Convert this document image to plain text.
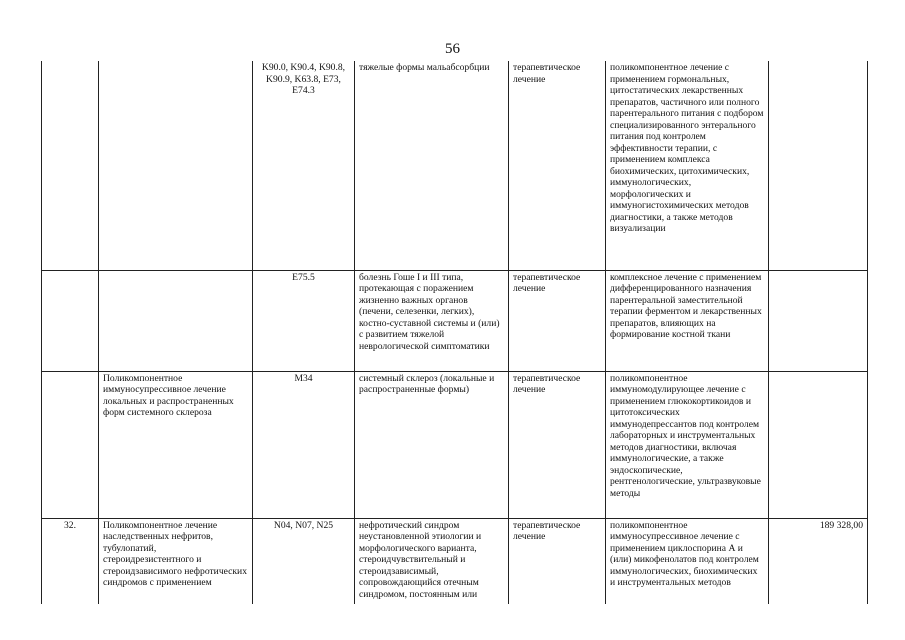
56
		K90.0, K90.4, K90.8, K90.9, K63.8, E73, E74.3	тяжелые формы мальабсорбции	терапевтическое лечение	поликомпонентное лечение с применением гормональных, цитостатических лекарственных препаратов, частичного или полного парентерального питания с подбором специализированного энтерального питания под контролем эффективности терапии, с применением комплекса биохимических, цитохимических, иммунологических, морфологических и иммуногистохимических методов диагностики, а также методов визуализации	
		E75.5	болезнь Гоше I и III типа, протекающая с поражением жизненно важных органов (печени, селезенки, легких), костно-суставной системы и (или) с развитием тяжелой неврологической симптоматики	терапевтическое лечение	комплексное лечение с применением дифференцированного назначения парентеральной заместительной терапии ферментом и лекарственных препаратов, влияющих на формирование костной ткани	
	Поликомпонентное иммуносупрессивное лечение локальных и распространенных форм системного склероза	M34	системный склероз (локальные и распространенные формы)	терапевтическое лечение	поликомпонентное иммуномодулирующее лечение с применением глюкокортикоидов и цитотоксических иммунодепрессантов под контролем лабораторных и инструментальных методов диагностики, включая иммунологические, а также эндоскопические, рентгенологические, ультразвуковые методы	
32.	Поликомпонентное лечение наследственных нефритов, тубулопатий, стероидрезистентного и стероидзависимого нефротических синдромов с применением	N04, N07, N25	нефротический синдром неустановленной этиологии и морфологического варианта, стероидчувствительный и стероидзависимый, сопровождающийся отечным синдромом, постоянным или	терапевтическое лечение	поликомпонентное иммуносупрессивное лечение с применением циклоспорина А и (или) микофенолатов под контролем иммунологических, биохимических и инструментальных методов	189 328,00
